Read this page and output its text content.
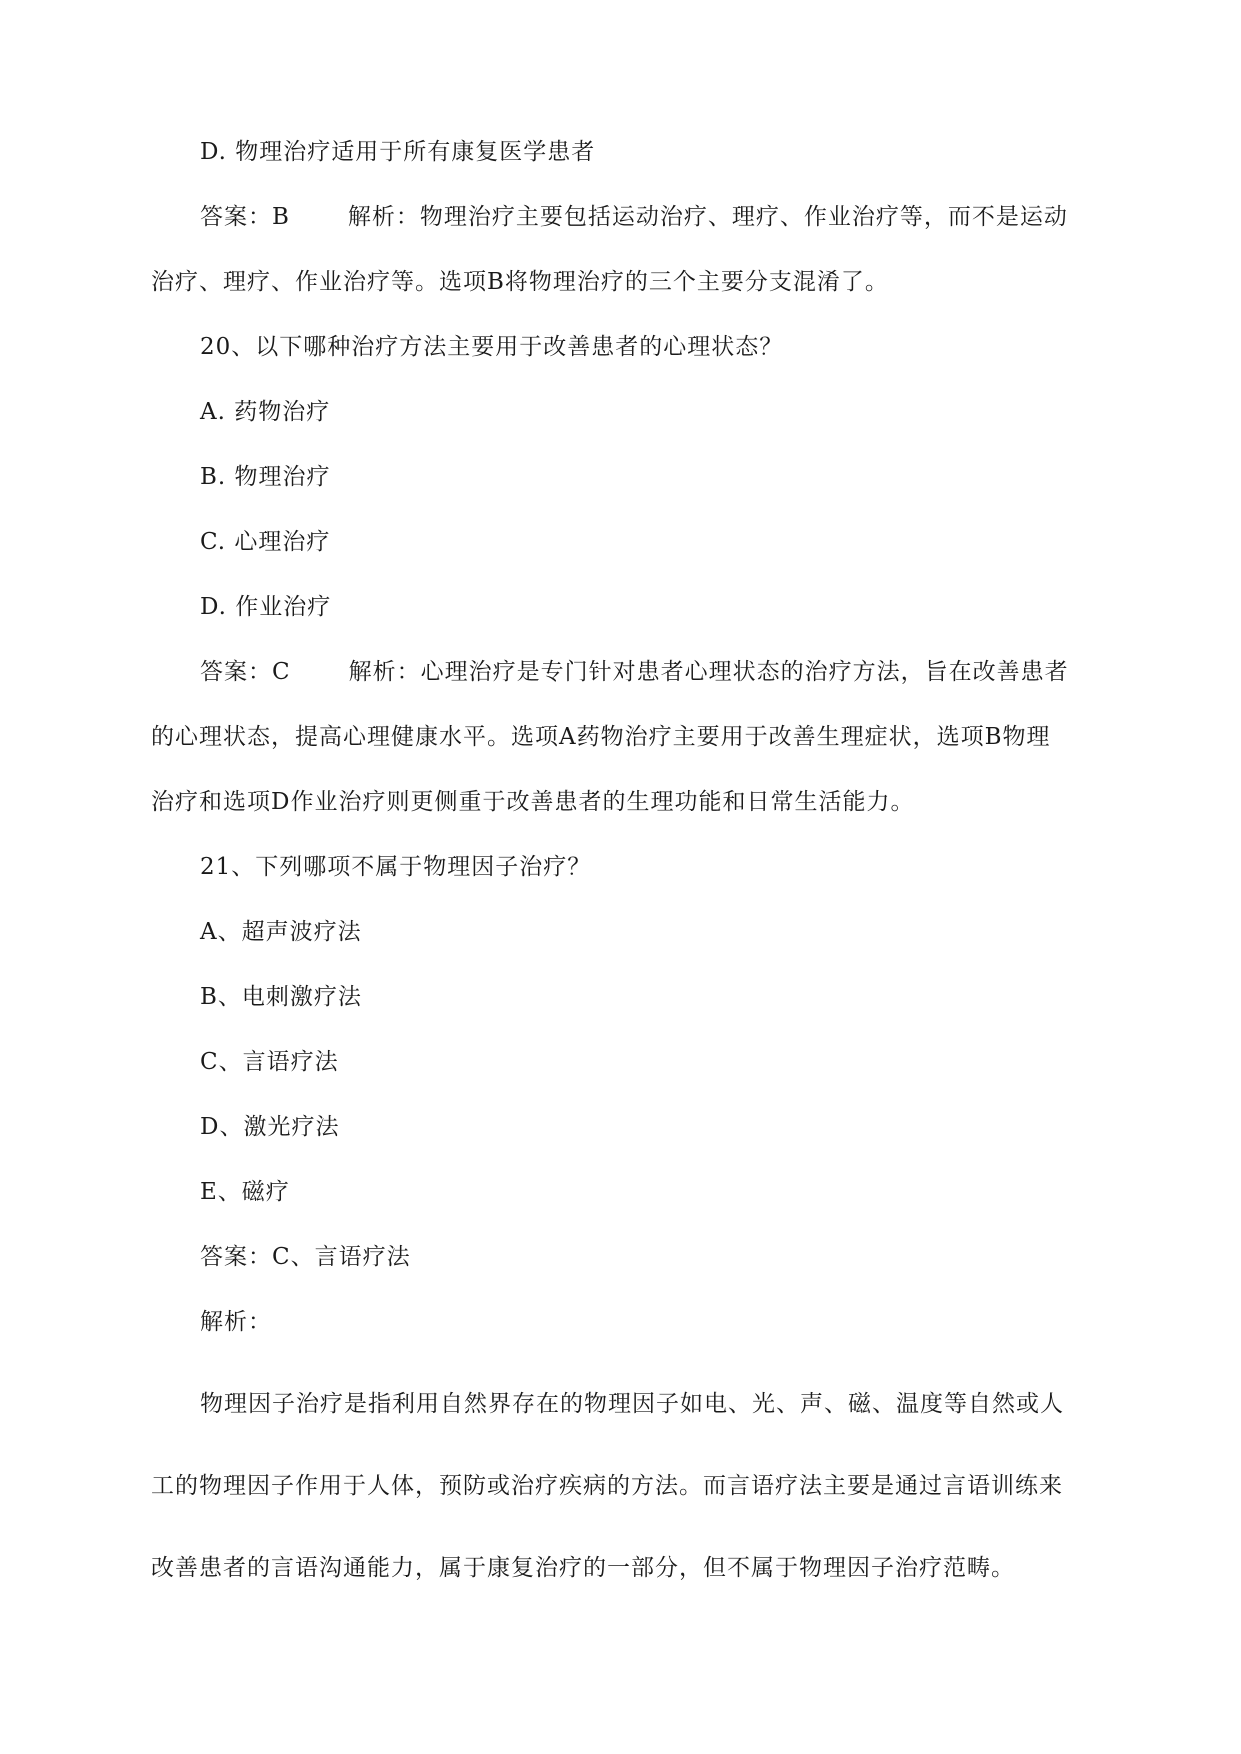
D. 物理治疗适用于所有康复医学患者
答案：B	解析：物理治疗主要包括运动治疗、理疗、作业治疗等，而不是运动
治疗、理疗、作业治疗等。选项B将物理治疗的三个主要分支混淆了。
20、以下哪种治疗方法主要用于改善患者的心理状态？
A. 药物治疗
B. 物理治疗
C. 心理治疗
D. 作业治疗
答案：C	解析：心理治疗是专门针对患者心理状态的治疗方法，旨在改善患者
的心理状态，提高心理健康水平。选项A药物治疗主要用于改善生理症状，选项B物理
治疗和选项D作业治疗则更侧重于改善患者的生理功能和日常生活能力。
21、下列哪项不属于物理因子治疗？
A、超声波疗法
B、电刺激疗法
C、言语疗法
D、激光疗法
E、磁疗
答案：C、言语疗法
解析：
物理因子治疗是指利用自然界存在的物理因子如电、光、声、磁、温度等自然或人
工的物理因子作用于人体，预防或治疗疾病的方法。而言语疗法主要是通过言语训练来
改善患者的言语沟通能力，属于康复治疗的一部分，但不属于物理因子治疗范畴。
